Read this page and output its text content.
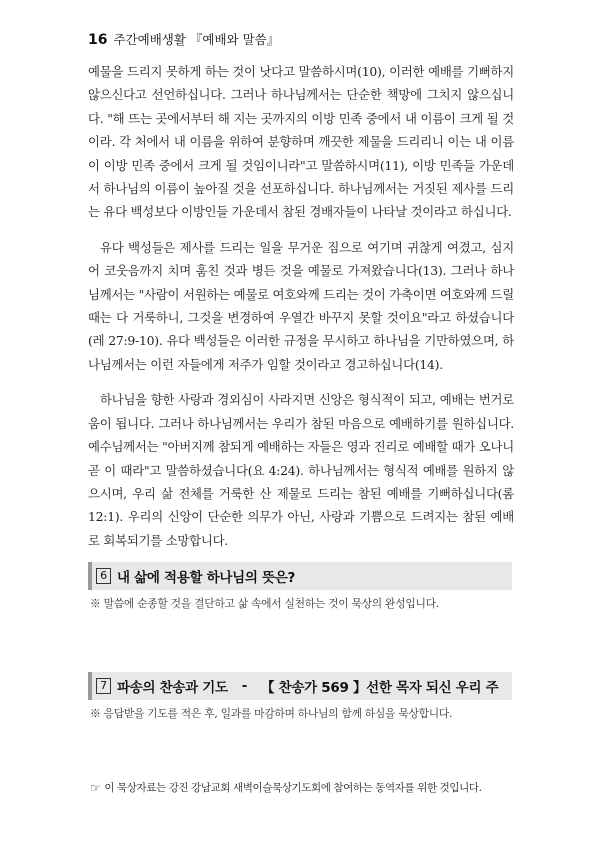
16 주간예배생활 『예배와 말씀』

예물을 드리지 못하게 하는 것이 낫다고 말씀하시며(10), 이러한 예배를 기뻐하지 않으신다고 선언하십니다. 그러나 하나님께서는 단순한 책망에 그치지 않으십니다. "해 뜨는 곳에서부터 해 지는 곳까지의 이방 민족 중에서 내 이름이 크게 될 것이라. 각 처에서 내 이름을 위하여 분향하며 깨끗한 제물을 드리리니 이는 내 이름이 이방 민족 중에서 크게 될 것임이니라"고 말씀하시며(11), 이방 민족들 가운데서 하나님의 이름이 높아질 것을 선포하십니다. 하나님께서는 거짓된 제사를 드리는 유다 백성보다 이방인들 가운데서 참된 경배자들이 나타날 것이라고 하십니다.

유다 백성들은 제사를 드리는 일을 무거운 짐으로 여기며 귀찮게 여겼고, 심지어 코웃음까지 치며 훔친 것과 병든 것을 예물로 가져왔습니다(13). 그러나 하나님께서는 "사람이 서원하는 예물로 여호와께 드리는 것이 가축이면 여호와께 드릴 때는 다 거룩하니, 그것을 변경하여 우열간 바꾸지 못할 것이요"라고 하셨습니다(레 27:9-10). 유다 백성들은 이러한 규정을 무시하고 하나님을 기만하였으며, 하나님께서는 이런 자들에게 저주가 임할 것이라고 경고하십니다(14).

하나님을 향한 사랑과 경외심이 사라지면 신앙은 형식적이 되고, 예배는 번거로움이 됩니다. 그러나 하나님께서는 우리가 참된 마음으로 예배하기를 원하십니다. 예수님께서는 "아버지께 참되게 예배하는 자들은 영과 진리로 예배할 때가 오나니 곧 이 때라"고 말씀하셨습니다(요 4:24). 하나님께서는 형식적 예배를 원하지 않으시며, 우리 삶 전체를 거룩한 산 제물로 드리는 참된 예배를 기뻐하십니다(롬 12:1). 우리의 신앙이 단순한 의무가 아닌, 사랑과 기쁨으로 드려지는 참된 예배로 회복되기를 소망합니다.

6 내 삶에 적용할 하나님의 뜻은?
※ 말씀에 순종할 것을 결단하고 삶 속에서 실천하는 것이 묵상의 완성입니다.
7 파송의 찬송과 기도 - 【 찬송가 569 】선한 목자 되신 우리 주
※ 응답받을 기도를 적은 후, 일과를 마감하며 하나님의 함께 하심을 묵상합니다.
☞ 이 묵상자료는 강진 강남교회 새벽이슬묵상기도회에 참여하는 동역자를 위한 것입니다.
